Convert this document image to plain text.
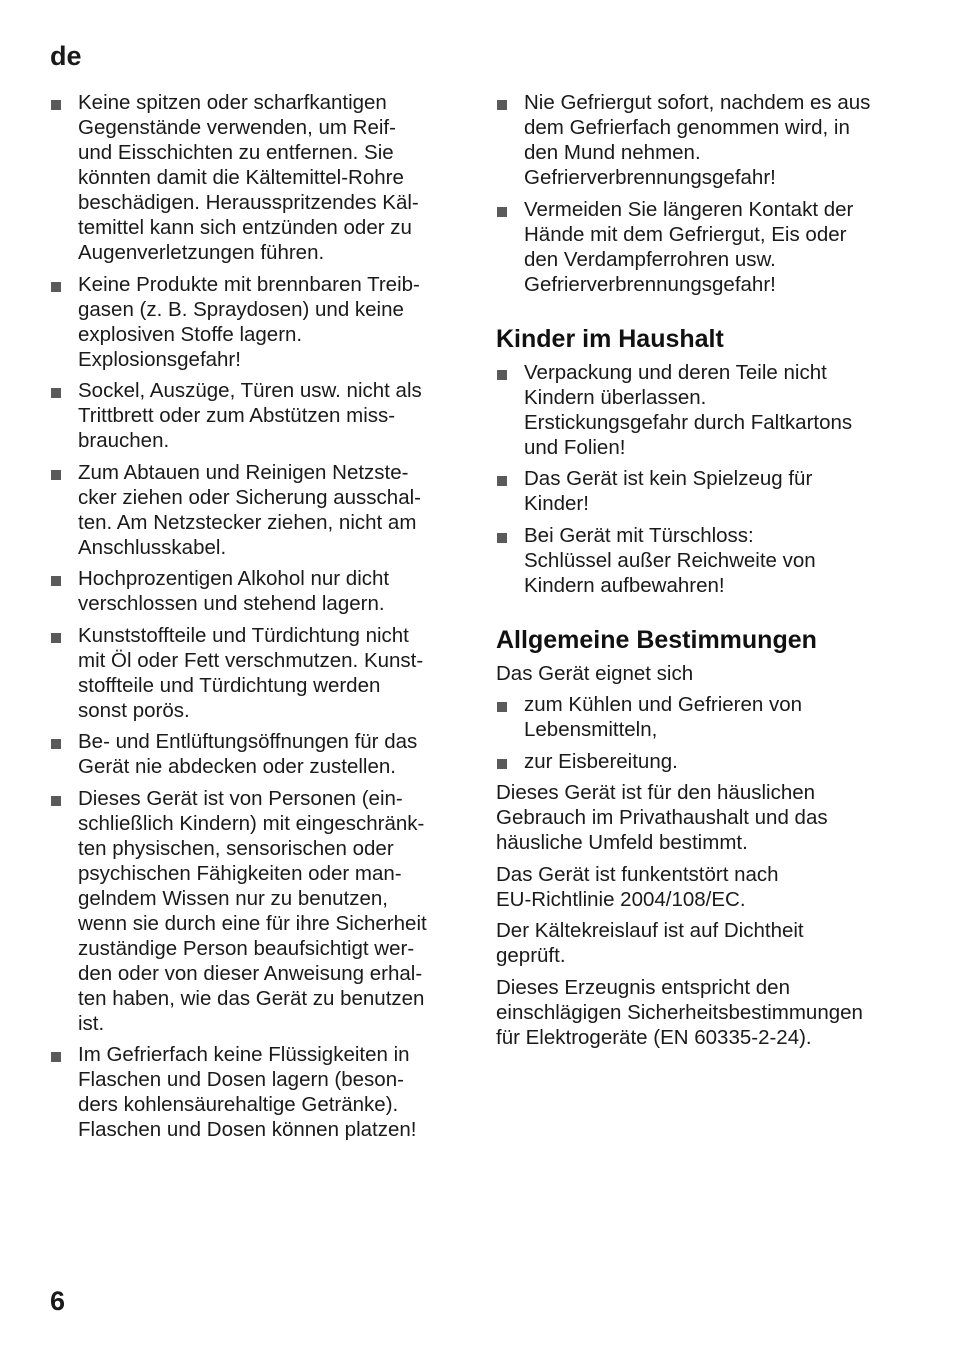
de
Keine spitzen oder scharfkantigen
Gegenstände verwenden, um Reif-
und Eisschichten zu entfernen. Sie
könnten damit die Kältemittel-Rohre
beschädigen. Herausspritzendes Käl-
temittel kann sich entzünden oder zu
Augenverletzungen führen.
Keine Produkte mit brennbaren Treib-
gasen (z. B. Spraydosen) und keine
explosiven Stoffe lagern.
Explosionsgefahr!
Sockel, Auszüge, Türen usw. nicht als
Trittbrett oder zum Abstützen miss-
brauchen.
Zum Abtauen und Reinigen Netzste-
cker ziehen oder Sicherung ausschal-
ten. Am Netzstecker ziehen, nicht am
Anschlusskabel.
Hochprozentigen Alkohol nur dicht
verschlossen und stehend lagern.
Kunststoffteile und Türdichtung nicht
mit Öl oder Fett verschmutzen. Kunst-
stoffteile und Türdichtung werden
sonst porös.
Be- und Entlüftungsöffnungen für das
Gerät nie abdecken oder zustellen.
Dieses Gerät ist von Personen (ein-
schließlich Kindern) mit eingeschränk-
ten physischen, sensorischen oder
psychischen Fähigkeiten oder man-
gelndem Wissen nur zu benutzen,
wenn sie durch eine für ihre Sicherheit
zuständige Person beaufsichtigt wer-
den oder von dieser Anweisung erhal-
ten haben, wie das Gerät zu benutzen
ist.
Im Gefrierfach keine Flüssigkeiten in
Flaschen und Dosen lagern (beson-
ders kohlensäurehaltige Getränke).
Flaschen und Dosen können platzen!
Nie Gefriergut sofort, nachdem es aus
dem Gefrierfach genommen wird, in
den Mund nehmen.
Gefrierverbrennungsgefahr!
Vermeiden Sie längeren Kontakt der
Hände mit dem Gefriergut, Eis oder
den Verdampferrohren usw.
Gefrierverbrennungsgefahr!
Kinder im Haushalt
Verpackung und deren Teile nicht
Kindern überlassen.
Erstickungsgefahr durch Faltkartons
und Folien!
Das Gerät ist kein Spielzeug für
Kinder!
Bei Gerät mit Türschloss:
Schlüssel außer Reichweite von
Kindern aufbewahren!
Allgemeine Bestimmungen

Das Gerät eignet sich

zum Kühlen und Gefrieren von
Lebensmitteln,
zur Eisbereitung.

Dieses Gerät ist für den häuslichen
Gebrauch im Privathaushalt und das
häusliche Umfeld bestimmt.

Das Gerät ist funkentstört nach
EU-Richtlinie 2004/108/EC.

Der Kältekreislauf ist auf Dichtheit
geprüft.

Dieses Erzeugnis entspricht den
einschlägigen Sicherheitsbestimmungen
für Elektrogeräte (EN 60335-2-24).

6
